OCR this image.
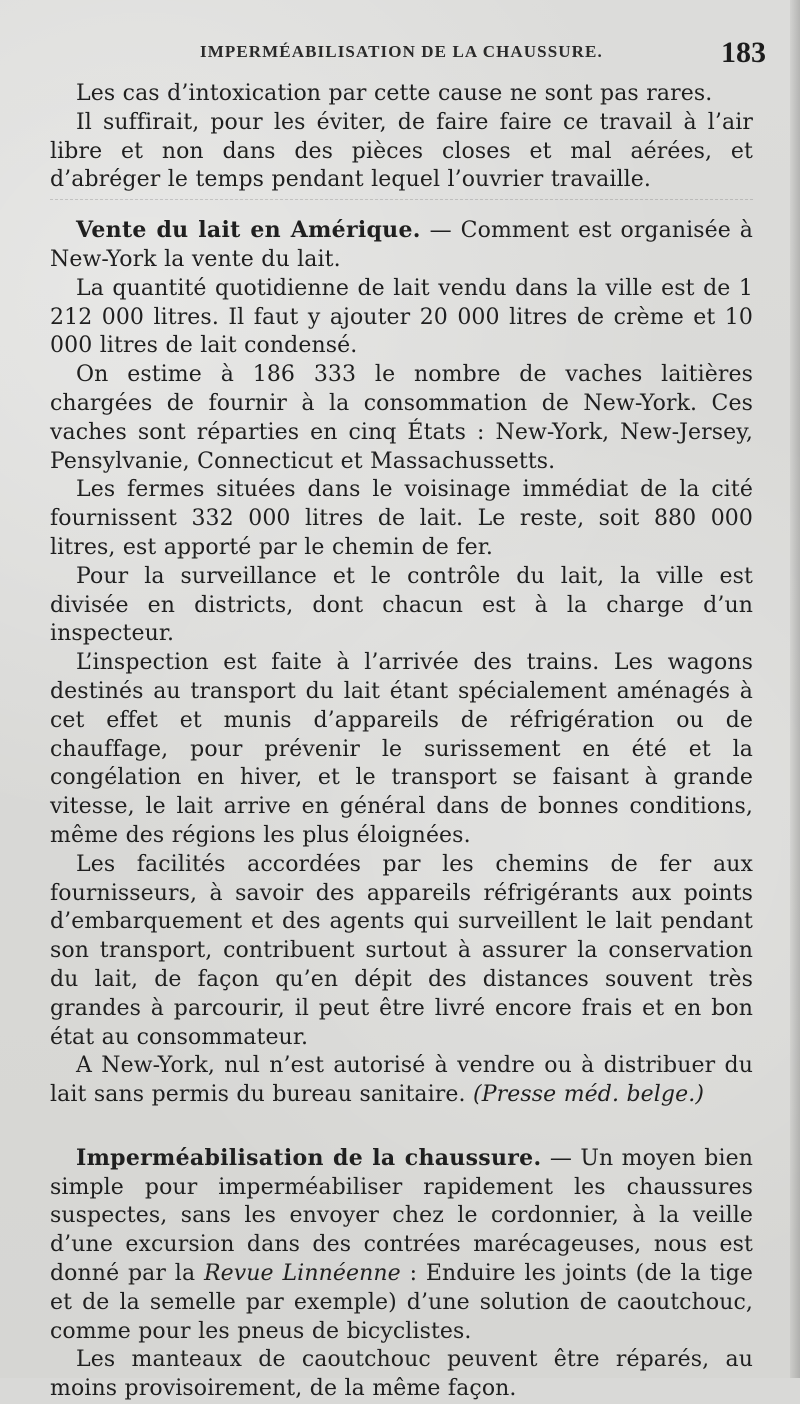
IMPERMÉABILISATION DE LA CHAUSSURE.	183

Les cas d’intoxication par cette cause ne sont pas rares.

Il suffirait, pour les éviter, de faire faire ce travail à l’air libre et non dans des pièces closes et mal aérées, et d’abréger le temps pendant lequel l’ouvrier travaille.

Vente du lait en Amérique. — Comment est organisée à New-York la vente du lait.

La quantité quotidienne de lait vendu dans la ville est de 1 212 000 litres. Il faut y ajouter 20 000 litres de crème et 10 000 litres de lait condensé.

On estime à 186 333 le nombre de vaches laitières chargées de fournir à la consommation de New-York. Ces vaches sont réparties en cinq États : New-York, New-Jersey, Pensylvanie, Connecticut et Massachussetts.

Les fermes situées dans le voisinage immédiat de la cité fournissent 332 000 litres de lait. Le reste, soit 880 000 litres, est apporté par le chemin de fer.

Pour la surveillance et le contrôle du lait, la ville est divisée en districts, dont chacun est à la charge d’un inspecteur.

L’inspection est faite à l’arrivée des trains. Les wagons destinés au transport du lait étant spécialement aménagés à cet effet et munis d’appareils de réfrigération ou de chauffage, pour prévenir le surissement en été et la congélation en hiver, et le transport se faisant à grande vitesse, le lait arrive en général dans de bonnes conditions, même des régions les plus éloignées.

Les facilités accordées par les chemins de fer aux fournisseurs, à savoir des appareils réfrigérants aux points d’embarquement et des agents qui surveillent le lait pendant son transport, contribuent surtout à assurer la conservation du lait, de façon qu’en dépit des distances souvent très grandes à parcourir, il peut être livré encore frais et en bon état au consommateur.

A New-York, nul n’est autorisé à vendre ou à distribuer du lait sans permis du bureau sanitaire. (Presse méd. belge.)

Imperméabilisation de la chaussure. — Un moyen bien simple pour imperméabiliser rapidement les chaussures suspectes, sans les envoyer chez le cordonnier, à la veille d’une excursion dans des contrées marécageuses, nous est donné par la Revue Linnéenne : Enduire les joints (de la tige et de la semelle par exemple) d’une solution de caoutchouc, comme pour les pneus de bicyclistes.

Les manteaux de caoutchouc peuvent être réparés, au moins provisoirement, de la même façon.
